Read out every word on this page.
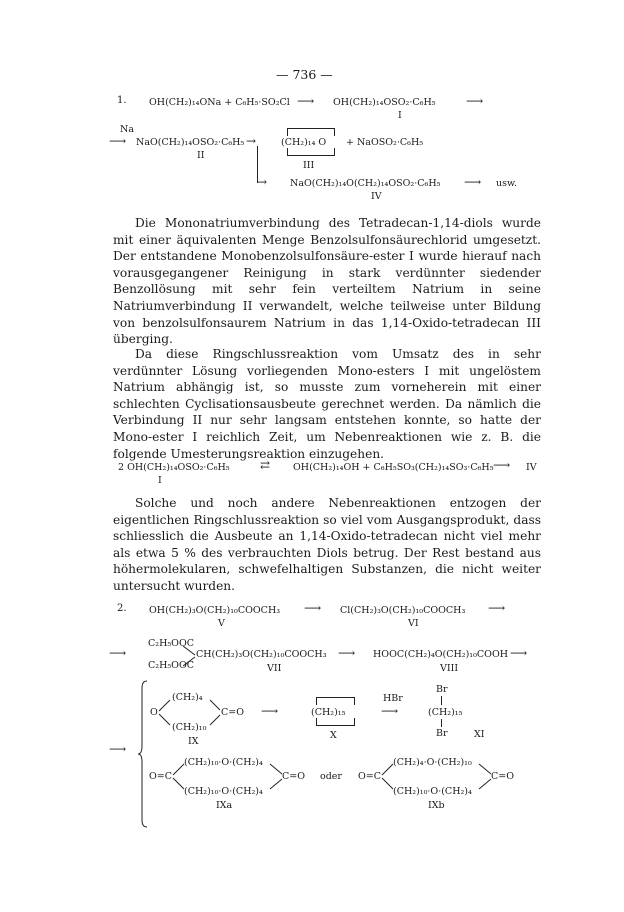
— 736 —
1. OH(CH₂)₁₄ONa + C₆H₅·SO₂Cl ⟶ OH(CH₂)₁₄OSO₂·C₆H₅	⟶
I
Na
⟶ NaO(CH₂)₁₄OSO₂·C₆H₅
II
→	(CH₂)₁₄ O + NaOSO₂·C₆H₅
III
→ NaO(CH₂)₁₄O(CH₂)₁₄OSO₂·C₆H₅ ⟶ usw.
IV

Die Mononatriumverbindung des Tetradecan-1,14-diols wurde mit einer äquivalenten Menge Benzolsulfonsäurechlorid umgesetzt. Der entstandene Monobenzolsulfonsäure-ester I wurde hierauf nach vorausgegangener Reinigung in stark verdünnter siedender Benzollösung mit sehr fein verteiltem Natrium in seine Natriumverbindung II verwandelt, welche teilweise unter Bildung von benzolsulfonsaurem Natrium in das 1,14-Oxido-tetradecan III überging.

Da diese Ringschlussreaktion vom Umsatz des in sehr verdünnter Lösung vorliegenden Mono-esters I mit ungelöstem Natrium abhängig ist, so musste zum vorneherein mit einer schlechten Cyclisationsausbeute gerechnet werden. Da nämlich die Verbindung II nur sehr langsam entstehen konnte, so hatte der Mono-ester I reichlich Zeit, um Nebenreaktionen wie z. B. die folgende Umesterungsreaktion einzugehen.

2 OH(CH₂)₁₄OSO₂·C₆H₅	⇄ OH(CH₂)₁₄OH + C₆H₅SO₃(CH₂)₁₄SO₃·C₆H₅ ⟶ IV
I

Solche und noch andere Nebenreaktionen entzogen der eigentlichen Ringschlussreaktion so viel vom Ausgangsprodukt, dass schliesslich die Ausbeute an 1,14-Oxido-tetradecan nicht viel mehr als etwa 5 % des verbrauchten Diols betrug. Der Rest bestand aus höhermolekularen, schwefelhaltigen Substanzen, die nicht weiter untersucht wurden.

2. OH(CH₂)₃O(CH₂)₁₀COOCH₃ ⟶ Cl(CH₂)₃O(CH₂)₁₀COOCH₃ ⟶
V	VI
⟶
C₂H₅OOC
C₂H₅OOC
CH(CH₂)₃O(CH₂)₁₀COOCH₃ ⟶ HOOC(CH₂)₄O(CH₂)₁₀COOH ⟶
VII	VIII
⟶
O
(CH₂)₄
(CH₂)₁₀
C=O
IX
⟶	(CH₂)₁₅
X
HBr
⟶
Br
(CH₂)₁₅
Br	XI
O=C
(CH₂)₁₀·O·(CH₂)₄
(CH₂)₁₀·O·(CH₂)₄
C=O
IXa
oder O=C
(CH₂)₄·O·(CH₂)₁₀
(CH₂)₁₀·O·(CH₂)₄
C=O
IXb
